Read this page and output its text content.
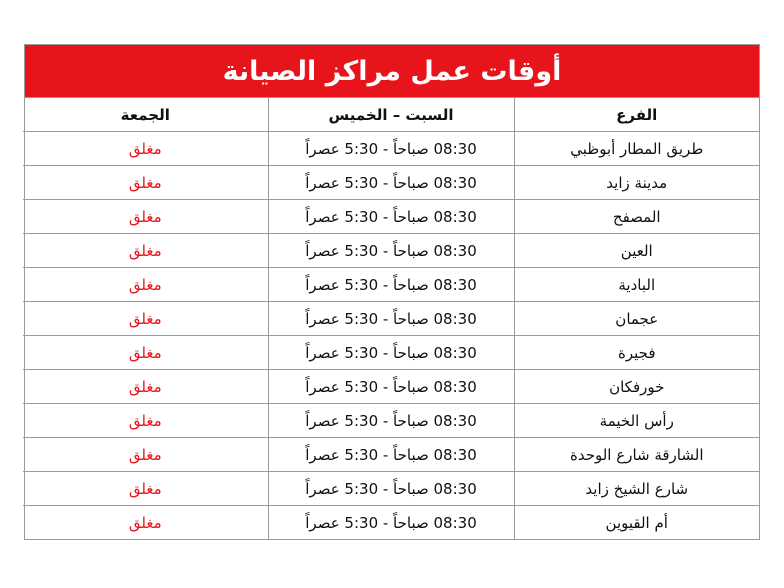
أوقات عمل مراكز الصيانة
الفرع	السبت – الخميس	الجمعة
طريق المطار أبوظبي	08:30 صباحاً - 5:30 عصراً	مغلق
مدينة زايد	08:30 صباحاً - 5:30 عصراً	مغلق
المصفح	08:30 صباحاً - 5:30 عصراً	مغلق
العين	08:30 صباحاً - 5:30 عصراً	مغلق
البادية	08:30 صباحاً - 5:30 عصراً	مغلق
عجمان	08:30 صباحاً - 5:30 عصراً	مغلق
فجيرة	08:30 صباحاً - 5:30 عصراً	مغلق
خورفكان	08:30 صباحاً - 5:30 عصراً	مغلق
رأس الخيمة	08:30 صباحاً - 5:30 عصراً	مغلق
الشارقة شارع الوحدة	08:30 صباحاً - 5:30 عصراً	مغلق
شارع الشيخ زايد	08:30 صباحاً - 5:30 عصراً	مغلق
أم القيوين	08:30 صباحاً - 5:30 عصراً	مغلق
